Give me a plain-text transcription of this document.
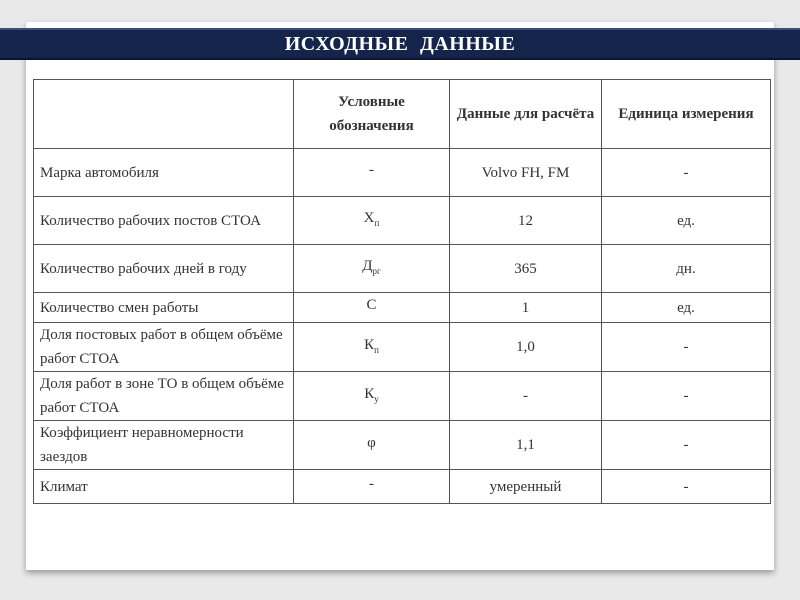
ИСХОДНЫЕ ДАННЫЕ
	Условные обозначения	Данные для расчёта	Единица измерения
Марка автомобиля	-	Volvo FH, FM	-
Количество рабочих постов СТОА	$Х_п$	12	ед.
Количество рабочих дней в году	$Д_{рг}$	365	дн.
Количество смен работы	С	1	ед.
Доля постовых работ в общем объёме работ СТОА	$К_п$	1,0	-
Доля работ в зоне ТО в общем объёме работ СТОА	$К_у$	-	-
Коэффициент неравномерности заездов	φ	1,1	-
Климат	-	умеренный	-
